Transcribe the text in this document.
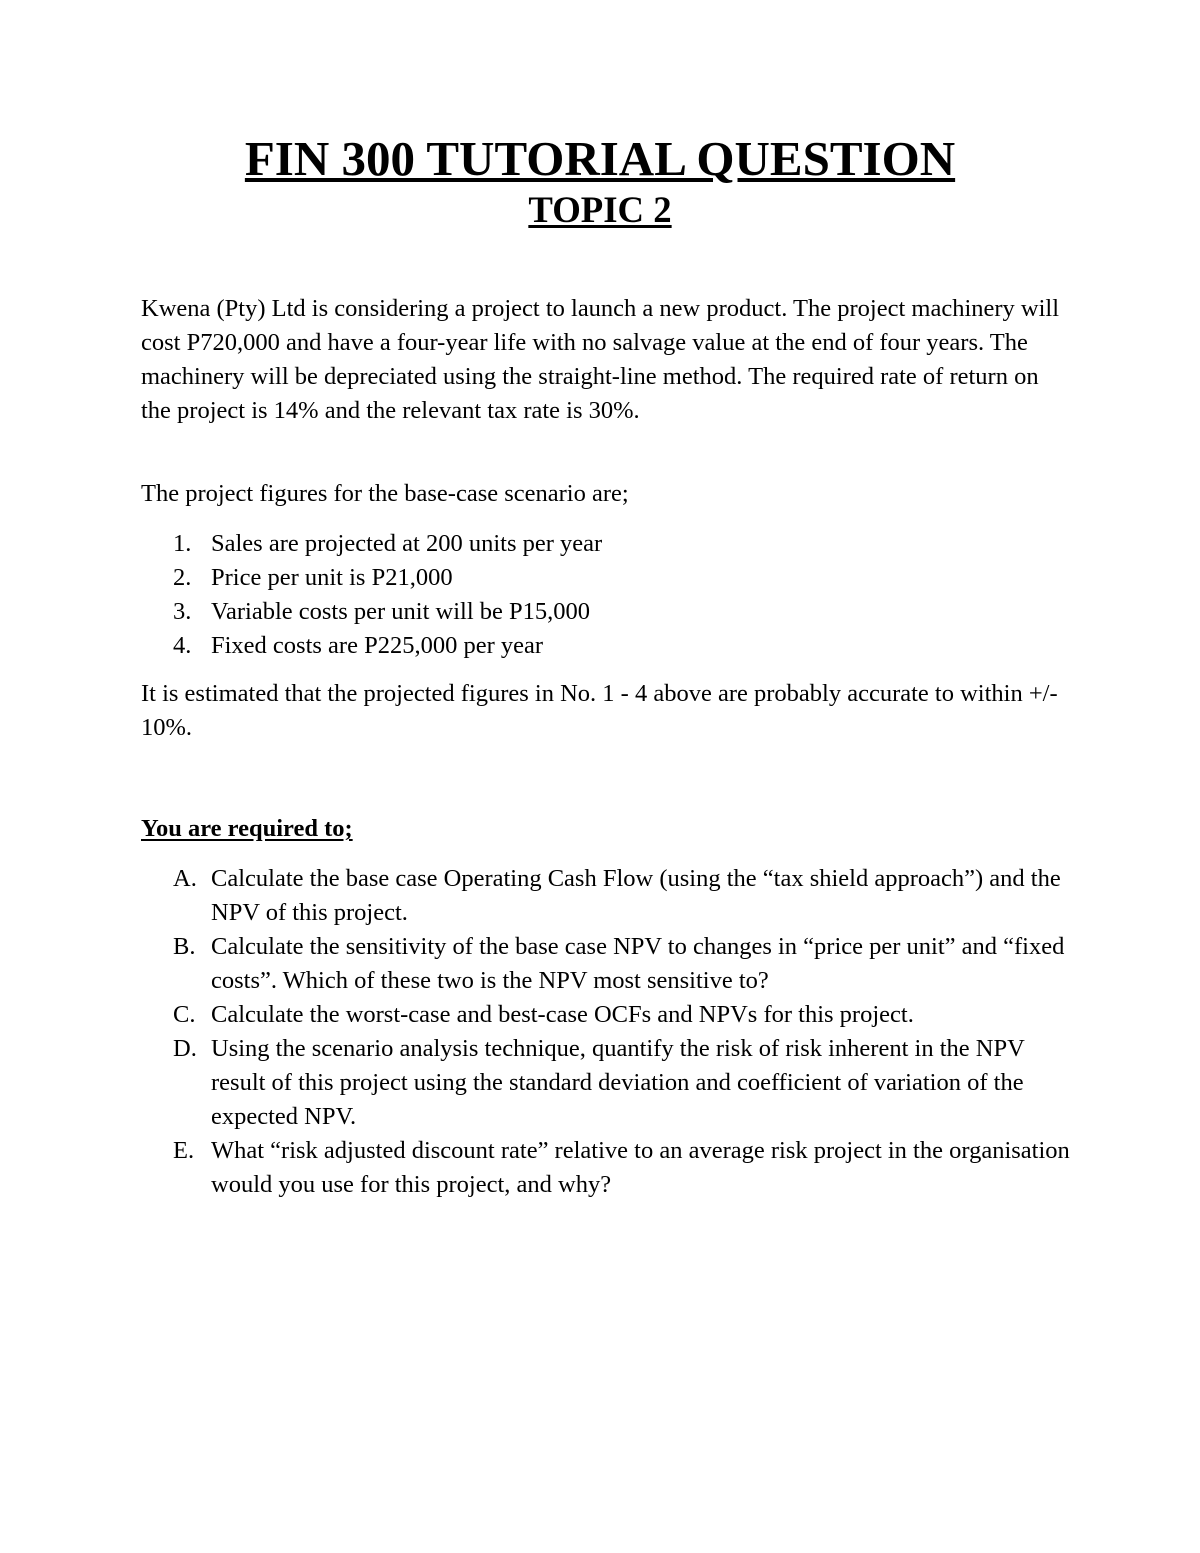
FIN 300 TUTORIAL QUESTION
TOPIC 2

Kwena (Pty) Ltd is considering a project to launch a new product. The project machinery will cost P720,000 and have a four-year life with no salvage value at the end of four years. The machinery will be depreciated using the straight-line method. The required rate of return on the project is 14% and the relevant tax rate is 30%.

The project figures for the base-case scenario are;

1. Sales are projected at 200 units per year
2. Price per unit is P21,000
3. Variable costs per unit will be P15,000
4. Fixed costs are P225,000 per year

It is estimated that the projected figures in No. 1 - 4 above are probably accurate to within +/- 10%.

You are required to;

A. Calculate the base case Operating Cash Flow (using the “tax shield approach”) and the NPV of this project.
B. Calculate the sensitivity of the base case NPV to changes in “price per unit” and “fixed costs”. Which of these two is the NPV most sensitive to?
C. Calculate the worst-case and best-case OCFs and NPVs for this project.
D. Using the scenario analysis technique, quantify the risk of risk inherent in the NPV result of this project using the standard deviation and coefficient of variation of the expected NPV.
E. What “risk adjusted discount rate” relative to an average risk project in the organisation would you use for this project, and why?
